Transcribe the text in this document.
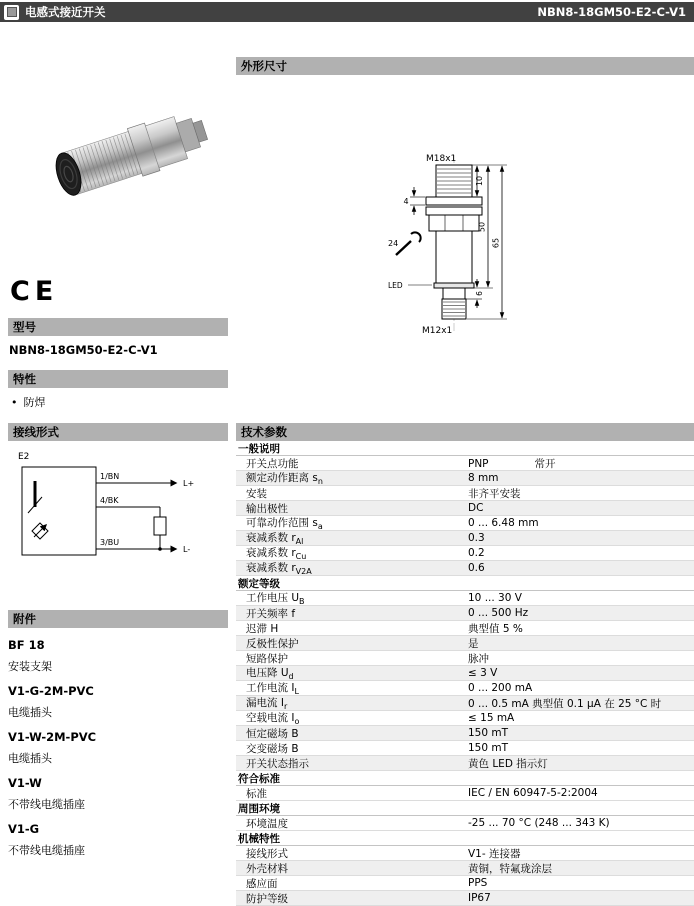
电感式接近开关	NBN8-18GM50-E2-C-V1
CE
型号
NBN8-18GM50-E2-C-V1
特性
• 防焊
接线形式
E2
1/BN
4/BK
3/BU
L+
L-
附件
BF 18
安装支架
V1-G-2M-PVC
电缆插头
V1-W-2M-PVC
电缆插头
V1-W
不带线电缆插座
V1-G
不带线电缆插座
外形尺寸
M18x1
10
4
24
50
65
LED
6
M12x1
技术参数
一般说明
开关点功能	PNP	常开
额定动作距离 $s_n$	8 mm
安装	非齐平安装
输出极性	DC
可靠动作范围 $s_a$	0 ... 6.48 mm
衰减系数 $r_{Al}$	0.3
衰减系数 $r_{Cu}$	0.2
衰减系数 $r_{V2A}$	0.6
额定等级
工作电压 $U_B$	10 ... 30 V
开关频率 f	0 ... 500 Hz
迟滞 H	典型值 5 %
反极性保护	是
短路保护	脉冲
电压降 $U_d$	≤ 3 V
工作电流 $I_L$	0 ... 200 mA
漏电流 $I_r$	0 ... 0.5 mA 典型值 0.1 μA 在 25 °C 时
空载电流 $I_o$	≤ 15 mA
恒定磁场 B	150 mT
交变磁场 B	150 mT
开关状态指示	黄色 LED 指示灯
符合标准
标准	IEC / EN 60947-5-2:2004
周围环境
环境温度	-25 ... 70 °C (248 ... 343 K)
机械特性
接线形式	V1- 连接器
外壳材料	黄铜，特氟珑涂层
感应面	PPS
防护等级	IP67
